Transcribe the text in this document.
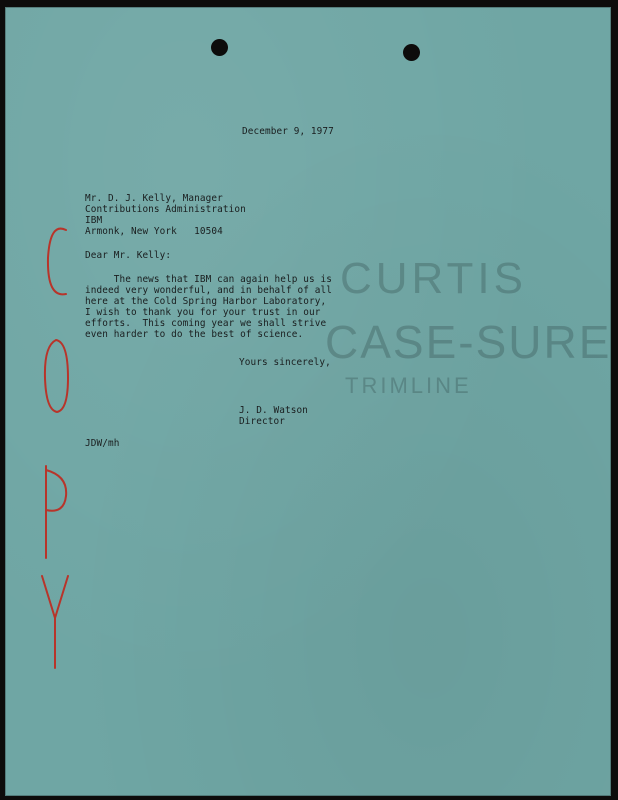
CURTIS
CASE-SURE
TRIMLINE
December 9, 1977
Mr. D. J. Kelly, Manager
Contributions Administration
IBM
Armonk, New York   10504
Dear Mr. Kelly:
The news that IBM can again help us is
indeed very wonderful, and in behalf of all
here at the Cold Spring Harbor Laboratory,
I wish to thank you for your trust in our
efforts.  This coming year we shall strive
even harder to do the best of science.
Yours sincerely,
J. D. Watson
Director
JDW/mh
